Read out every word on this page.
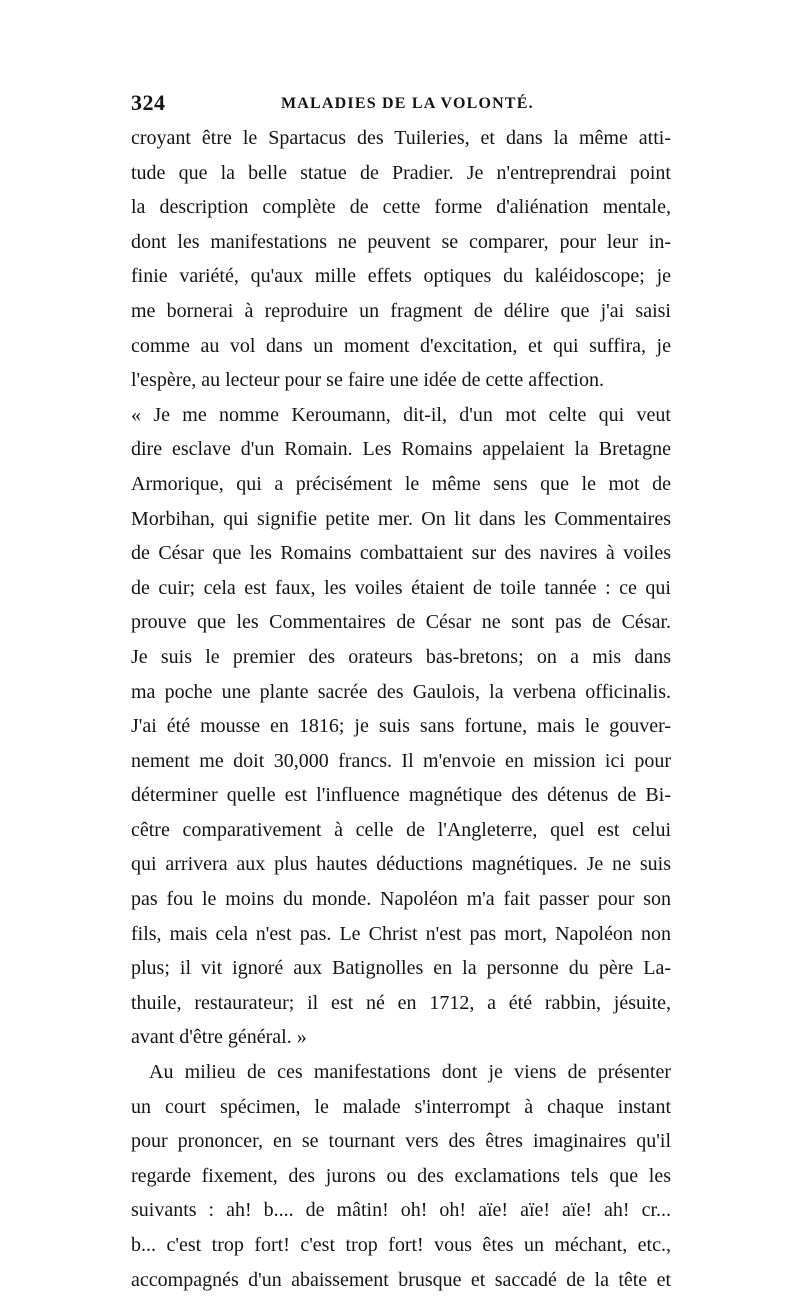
324	MALADIES DE LA VOLONTÉ.
croyant être le Spartacus des Tuileries, et dans la même atti-
tude que la belle statue de Pradier. Je n'entreprendrai point
la description complète de cette forme d'aliénation mentale,
dont les manifestations ne peuvent se comparer, pour leur in-
finie variété, qu'aux mille effets optiques du kaléidoscope; je
me bornerai à reproduire un fragment de délire que j'ai saisi
comme au vol dans un moment d'excitation, et qui suffira, je
l'espère, au lecteur pour se faire une idée de cette affection.
« Je me nomme Keroumann, dit-il, d'un mot celte qui veut
dire esclave d'un Romain. Les Romains appelaient la Bretagne
Armorique, qui a précisément le même sens que le mot de
Morbihan, qui signifie petite mer. On lit dans les Commentaires
de César que les Romains combattaient sur des navires à voiles
de cuir; cela est faux, les voiles étaient de toile tannée : ce qui
prouve que les Commentaires de César ne sont pas de César.
Je suis le premier des orateurs bas-bretons; on a mis dans
ma poche une plante sacrée des Gaulois, la verbena officinalis.
J'ai été mousse en 1816; je suis sans fortune, mais le gouver-
nement me doit 30,000 francs. Il m'envoie en mission ici pour
déterminer quelle est l'influence magnétique des détenus de Bi-
cêtre comparativement à celle de l'Angleterre, quel est celui
qui arrivera aux plus hautes déductions magnétiques. Je ne suis
pas fou le moins du monde. Napoléon m'a fait passer pour son
fils, mais cela n'est pas. Le Christ n'est pas mort, Napoléon non
plus; il vit ignoré aux Batignolles en la personne du père La-
thuile, restaurateur; il est né en 1712, a été rabbin, jésuite,
avant d'être général. »
Au milieu de ces manifestations dont je viens de présenter
un court spécimen, le malade s'interrompt à chaque instant
pour prononcer, en se tournant vers des êtres imaginaires qu'il
regarde fixement, des jurons ou des exclamations tels que les
suivants : ah! b.... de mâtin! oh! oh! aïe! aïe! aïe! ah! cr...
b... c'est trop fort! c'est trop fort! vous êtes un méchant, etc.,
accompagnés d'un abaissement brusque et saccadé de la tête et
